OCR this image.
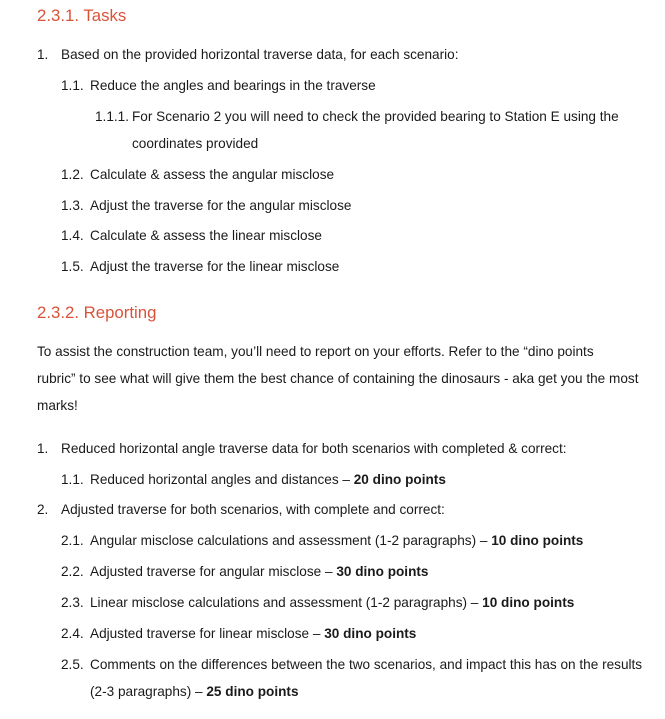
2.3.1. Tasks
1. Based on the provided horizontal traverse data, for each scenario:
1.1. Reduce the angles and bearings in the traverse
1.1.1. For Scenario 2 you will need to check the provided bearing to Station E using the
coordinates provided
1.2. Calculate & assess the angular misclose
1.3. Adjust the traverse for the angular misclose
1.4. Calculate & assess the linear misclose
1.5. Adjust the traverse for the linear misclose
2.3.2. Reporting
To assist the construction team, you’ll need to report on your efforts. Refer to the “dino points
rubric” to see what will give them the best chance of containing the dinosaurs - aka get you the most
marks!
1. Reduced horizontal angle traverse data for both scenarios with completed & correct:
1.1. Reduced horizontal angles and distances – 20 dino points
2. Adjusted traverse for both scenarios, with complete and correct:
2.1. Angular misclose calculations and assessment (1-2 paragraphs) – 10 dino points
2.2. Adjusted traverse for angular misclose – 30 dino points
2.3. Linear misclose calculations and assessment (1-2 paragraphs) – 10 dino points
2.4. Adjusted traverse for linear misclose – 30 dino points
2.5. Comments on the differences between the two scenarios, and impact this has on the results
(2-3 paragraphs) – 25 dino points
